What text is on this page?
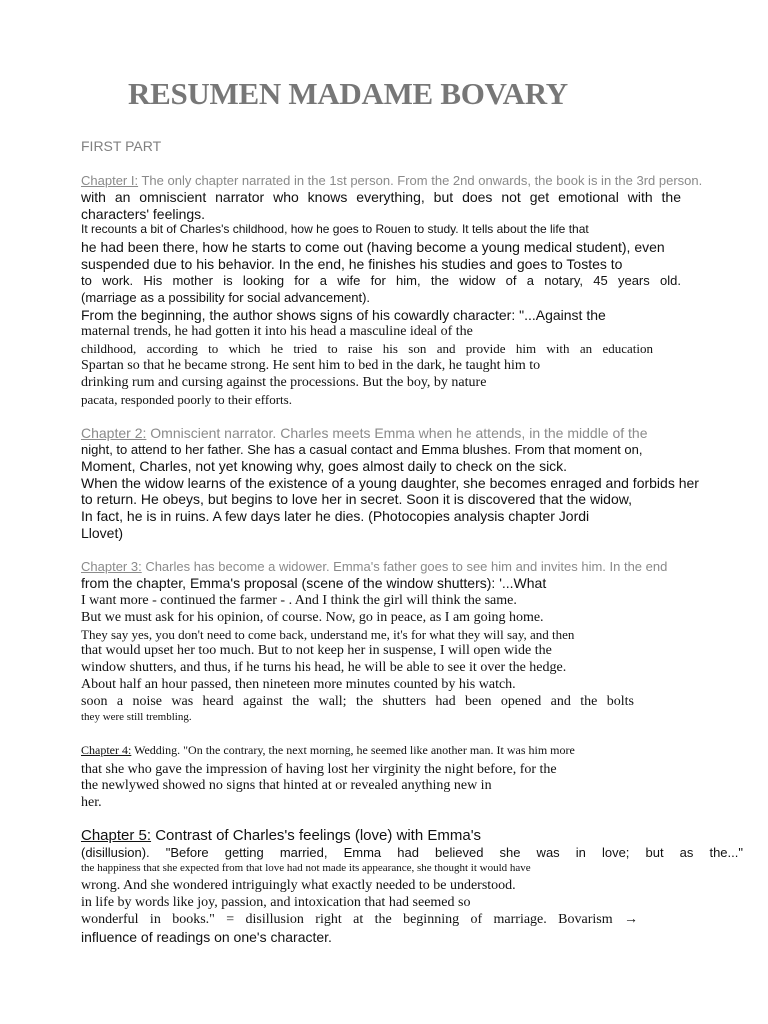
RESUMEN MADAME BOVARY
FIRST PART
Chapter I: The only chapter narrated in the 1st person. From the 2nd onwards, the book is in the 3rd person.
with an omniscient narrator who knows everything, but does not get emotional with the
characters' feelings.
It recounts a bit of Charles's childhood, how he goes to Rouen to study. It tells about the life that
he had been there, how he starts to come out (having become a young medical student), even
suspended due to his behavior. In the end, he finishes his studies and goes to Tostes to
to work. His mother is looking for a wife for him, the widow of a notary, 45 years old.
(marriage as a possibility for social advancement).
From the beginning, the author shows signs of his cowardly character: "...Against the
maternal trends, he had gotten it into his head a masculine ideal of the
childhood, according to which he tried to raise his son and provide him with an education
Spartan so that he became strong. He sent him to bed in the dark, he taught him to
drinking rum and cursing against the processions. But the boy, by nature
pacata, responded poorly to their efforts.
Chapter 2: Omniscient narrator. Charles meets Emma when he attends, in the middle of the
night, to attend to her father. She has a casual contact and Emma blushes. From that moment on,
Moment, Charles, not yet knowing why, goes almost daily to check on the sick.
When the widow learns of the existence of a young daughter, she becomes enraged and forbids her
to return. He obeys, but begins to love her in secret. Soon it is discovered that the widow,
In fact, he is in ruins. A few days later he dies. (Photocopies analysis chapter Jordi
Llovet)
Chapter 3: Charles has become a widower. Emma's father goes to see him and invites him. In the end
from the chapter, Emma's proposal (scene of the window shutters): '...What
I want more - continued the farmer - . And I think the girl will think the same.
But we must ask for his opinion, of course. Now, go in peace, as I am going home.
They say yes, you don't need to come back, understand me, it's for what they will say, and then
that would upset her too much. But to not keep her in suspense, I will open wide the
window shutters, and thus, if he turns his head, he will be able to see it over the hedge.
About half an hour passed, then nineteen more minutes counted by his watch.
soon a noise was heard against the wall; the shutters had been opened and the bolts
they were still trembling.
Chapter 4: Wedding. "On the contrary, the next morning, he seemed like another man. It was him more
that she who gave the impression of having lost her virginity the night before, for the
the newlywed showed no signs that hinted at or revealed anything new in
her.
Chapter 5: Contrast of Charles's feelings (love) with Emma's
(disillusion). "Before getting married, Emma had believed she was in love; but as the..."
the happiness that she expected from that love had not made its appearance, she thought it would have
wrong. And she wondered intriguingly what exactly needed to be understood.
in life by words like joy, passion, and intoxication that had seemed so
wonderful in books." = disillusion right at the beginning of marriage. Bovarism →
influence of readings on one's character.
